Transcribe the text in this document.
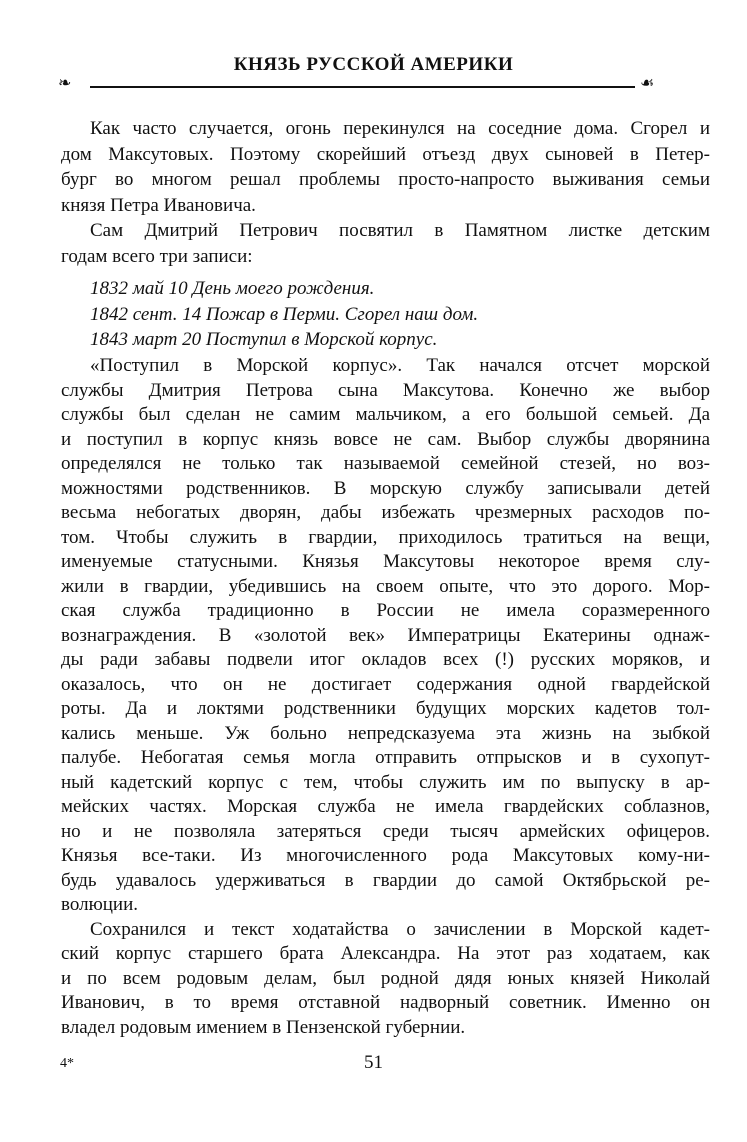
КНЯЗЬ РУССКОЙ АМЕРИКИ
❧	☙
Как часто случается, огонь перекинулся на соседние дома. Сгорел и
дом Максутовых. Поэтому скорейший отъезд двух сыновей в Петер-
бург во многом решал проблемы просто-напросто выживания семьи
князя Петра Ивановича.
Сам Дмитрий Петрович посвятил в Памятном листке детским
годам всего три записи:
1832 май 10 День моего рождения.
1842 сент. 14 Пожар в Перми. Сгорел наш дом.
1843 март 20 Поступил в Морской корпус.
«Поступил в Морской корпус». Так начался отсчет морской
службы Дмитрия Петрова сына Максутова. Конечно же выбор
службы был сделан не самим мальчиком, а его большой семьей. Да
и поступил в корпус князь вовсе не сам. Выбор службы дворянина
определялся не только так называемой семейной стезей, но воз-
можностями родственников. В морскую службу записывали детей
весьма небогатых дворян, дабы избежать чрезмерных расходов по-
том. Чтобы служить в гвардии, приходилось тратиться на вещи,
именуемые статусными. Князья Максутовы некоторое время слу-
жили в гвардии, убедившись на своем опыте, что это дорого. Мор-
ская служба традиционно в России не имела соразмеренного
вознаграждения. В «золотой век» Императрицы Екатерины однаж-
ды ради забавы подвели итог окладов всех (!) русских моряков, и
оказалось, что он не достигает содержания одной гвардейской
роты. Да и локтями родственники будущих морских кадетов тол-
кались меньше. Уж больно непредсказуема эта жизнь на зыбкой
палубе. Небогатая семья могла отправить отпрысков и в сухопут-
ный кадетский корпус с тем, чтобы служить им по выпуску в ар-
мейских частях. Морская служба не имела гвардейских соблазнов,
но и не позволяла затеряться среди тысяч армейских офицеров.
Князья все-таки. Из многочисленного рода Максутовых кому-ни-
будь удавалось удерживаться в гвардии до самой Октябрьской ре-
волюции.
Сохранился и текст ходатайства о зачислении в Морской кадет-
ский корпус старшего брата Александра. На этот раз ходатаем, как
и по всем родовым делам, был родной дядя юных князей Николай
Иванович, в то время отставной надворный советник. Именно он
владел родовым имением в Пензенской губернии.
4*	51
